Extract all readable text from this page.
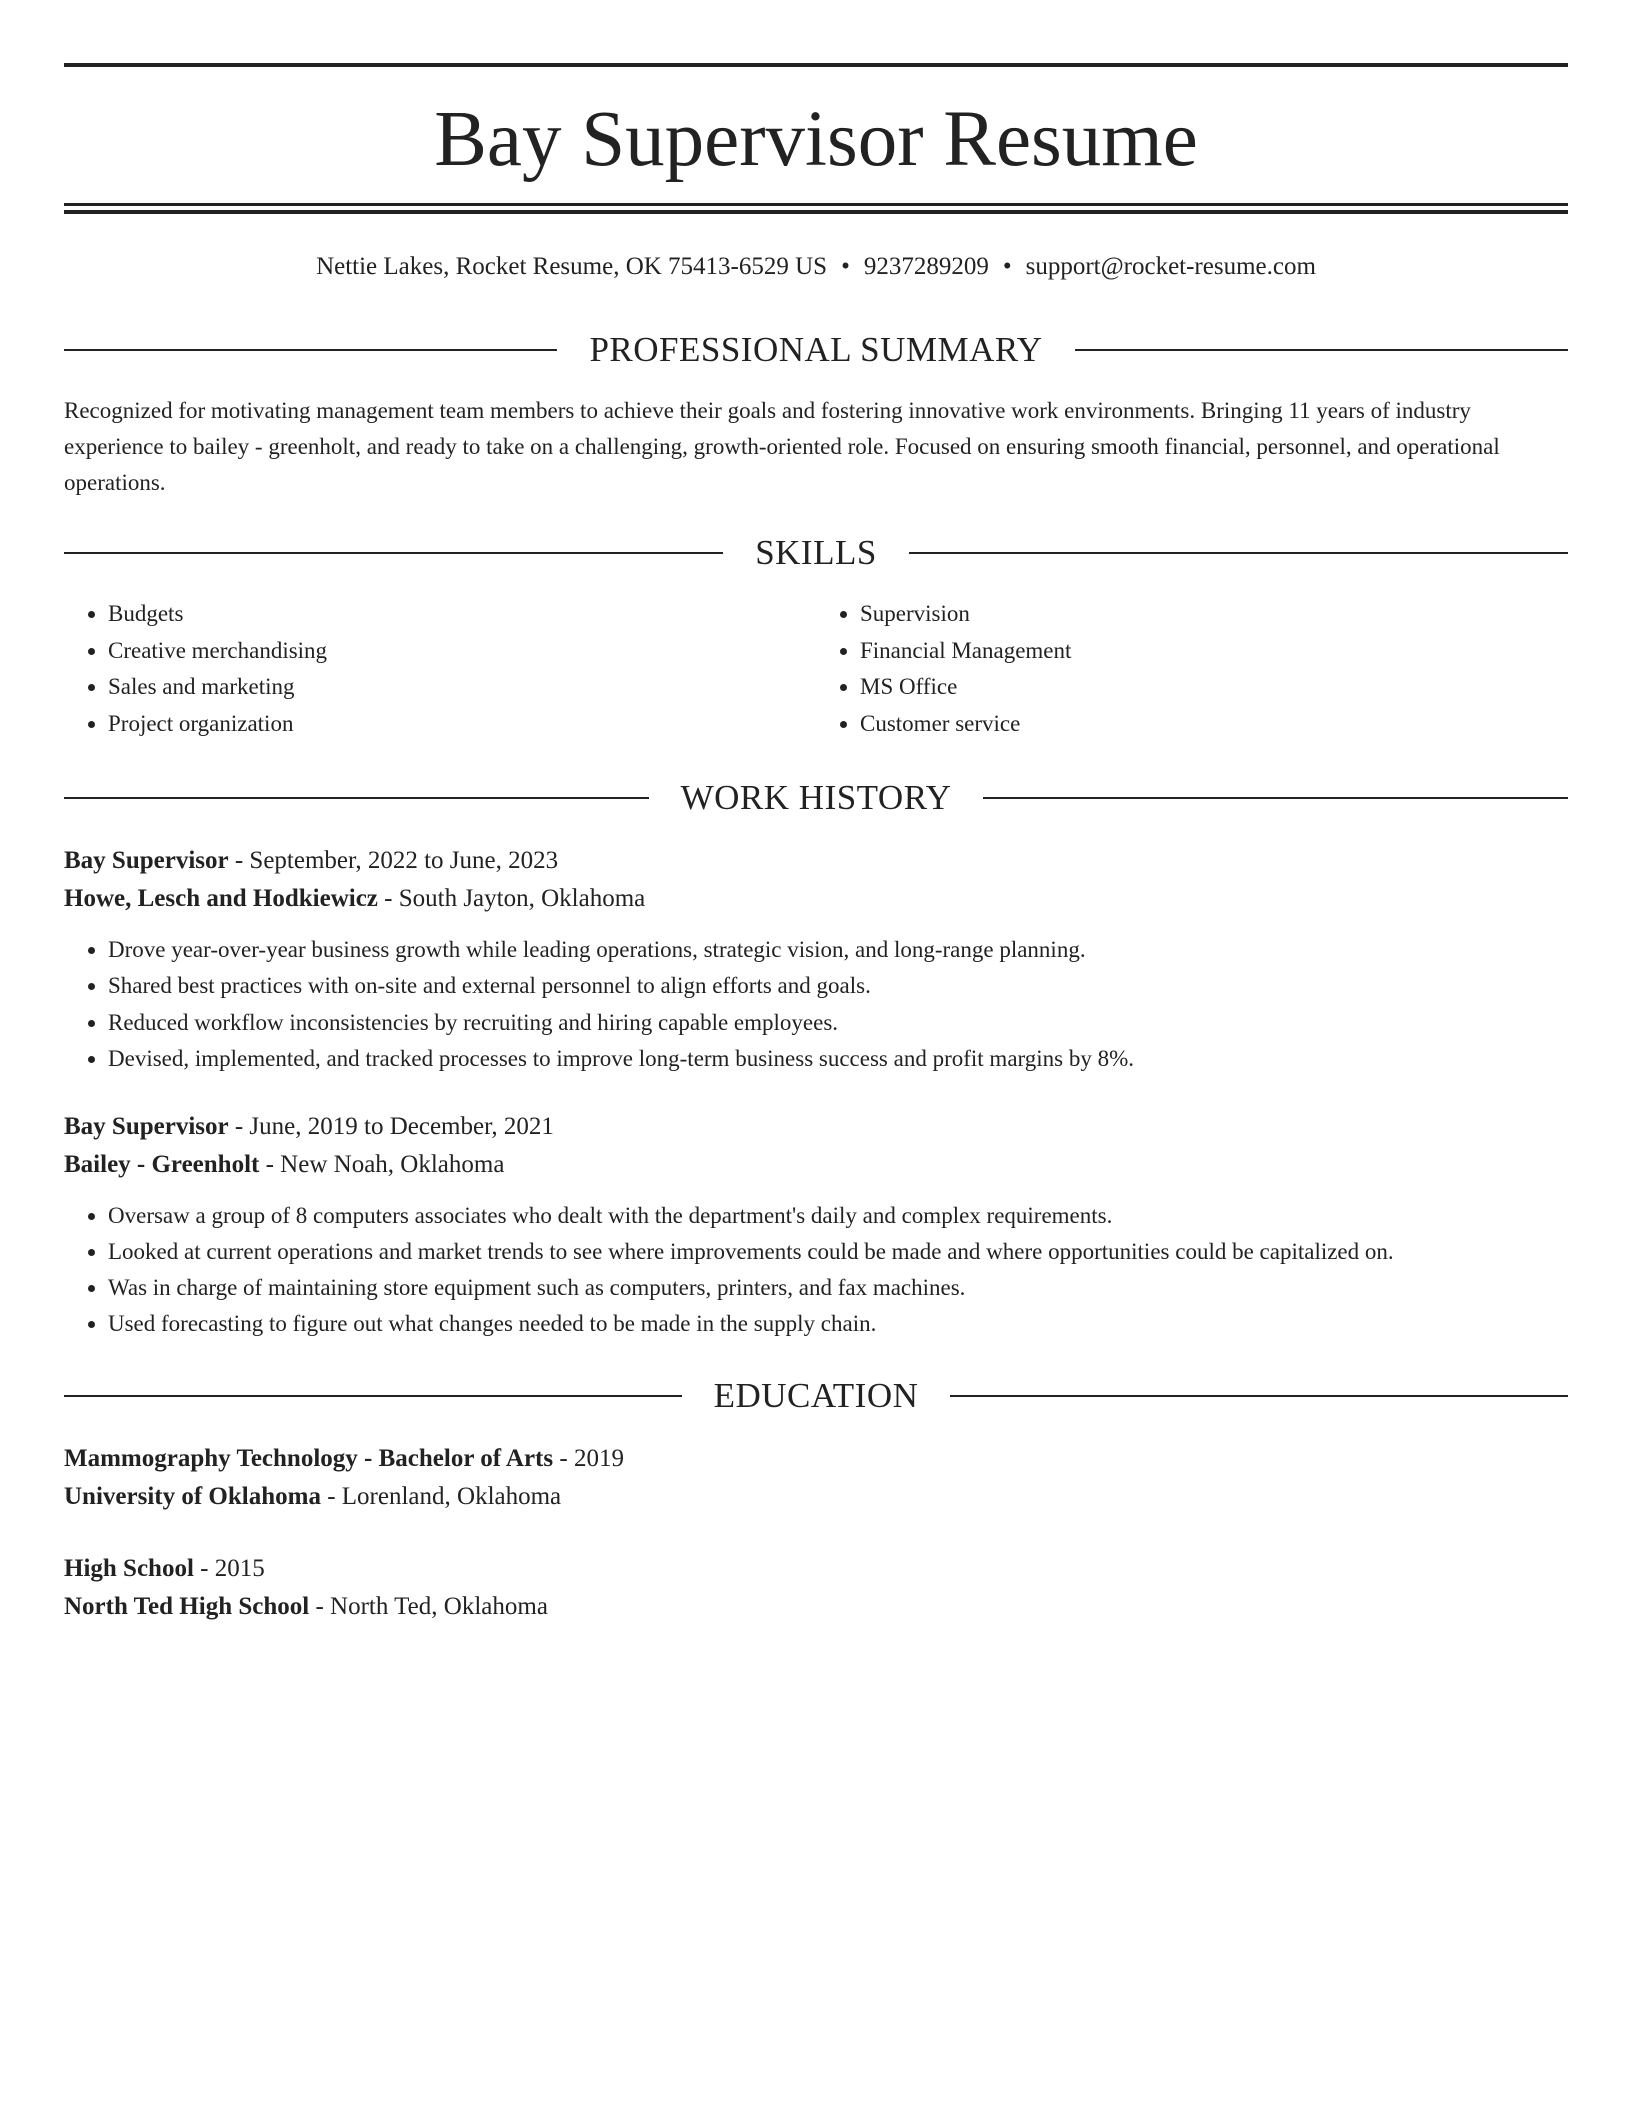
Bay Supervisor Resume
Nettie Lakes, Rocket Resume, OK 75413-6529 US • 9237289209 • support@rocket-resume.com
PROFESSIONAL SUMMARY
Recognized for motivating management team members to achieve their goals and fostering innovative work environments. Bringing 11 years of industry experience to bailey - greenholt, and ready to take on a challenging, growth-oriented role. Focused on ensuring smooth financial, personnel, and operational operations.
SKILLS
• Budgets
• Creative merchandising
• Sales and marketing
• Project organization
• Supervision
• Financial Management
• MS Office
• Customer service
WORK HISTORY
Bay Supervisor - September, 2022 to June, 2023
Howe, Lesch and Hodkiewicz - South Jayton, Oklahoma
• Drove year-over-year business growth while leading operations, strategic vision, and long-range planning.
• Shared best practices with on-site and external personnel to align efforts and goals.
• Reduced workflow inconsistencies by recruiting and hiring capable employees.
• Devised, implemented, and tracked processes to improve long-term business success and profit margins by 8%.
Bay Supervisor - June, 2019 to December, 2021
Bailey - Greenholt - New Noah, Oklahoma
• Oversaw a group of 8 computers associates who dealt with the department's daily and complex requirements.
• Looked at current operations and market trends to see where improvements could be made and where opportunities could be capitalized on.
• Was in charge of maintaining store equipment such as computers, printers, and fax machines.
• Used forecasting to figure out what changes needed to be made in the supply chain.
EDUCATION
Mammography Technology - Bachelor of Arts - 2019
University of Oklahoma - Lorenland, Oklahoma
High School - 2015
North Ted High School - North Ted, Oklahoma
